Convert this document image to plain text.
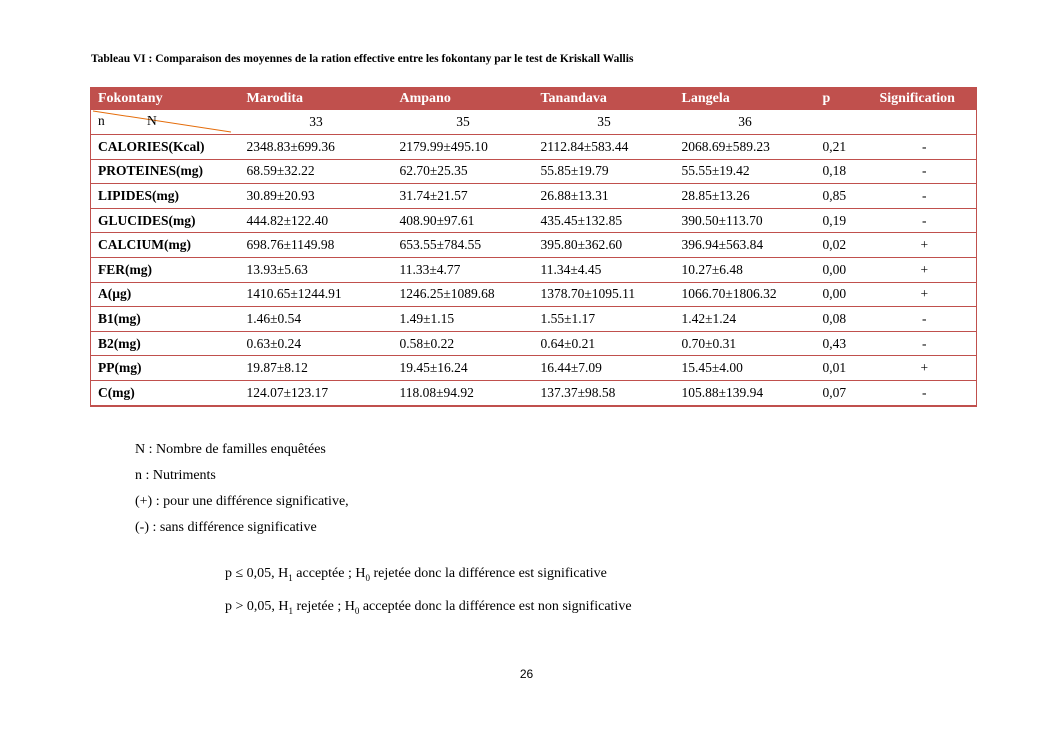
Tableau VI : Comparaison des moyennes de la ration effective entre les fokontany par le test de Kriskall Wallis
Fokontany	Marodita	Ampano	Tanandava	Langela	p	Signification

n N	33	35	35	36		
CALORIES(Kcal)	2348.83±699.36	2179.99±495.10	2112.84±583.44	2068.69±589.23	0,21	-
PROTEINES(mg)	68.59±32.22	62.70±25.35	55.85±19.79	55.55±19.42	0,18	-
LIPIDES(mg)	30.89±20.93	31.74±21.57	26.88±13.31	28.85±13.26	0,85	-
GLUCIDES(mg)	444.82±122.40	408.90±97.61	435.45±132.85	390.50±113.70	0,19	-
CALCIUM(mg)	698.76±1149.98	653.55±784.55	395.80±362.60	396.94±563.84	0,02	+
FER(mg)	13.93±5.63	11.33±4.77	11.34±4.45	10.27±6.48	0,00	+
A(µg)	1410.65±1244.91	1246.25±1089.68	1378.70±1095.11	1066.70±1806.32	0,00	+
B1(mg)	1.46±0.54	1.49±1.15	1.55±1.17	1.42±1.24	0,08	-
B2(mg)	0.63±0.24	0.58±0.22	0.64±0.21	0.70±0.31	0,43	-
PP(mg)	19.87±8.12	19.45±16.24	16.44±7.09	15.45±4.00	0,01	+
C(mg)	124.07±123.17	118.08±94.92	137.37±98.58	105.88±139.94	0,07	-
N : Nombre de familles enquêtées
n : Nutriments
(+) : pour une différence significative,
(-) : sans différence significative
p ≤ 0,05, $H_1$ acceptée ; $H_0$ rejetée donc la différence est significative
p > 0,05, $H_1$ rejetée ; $H_0$ acceptée donc la différence est non significative
26
